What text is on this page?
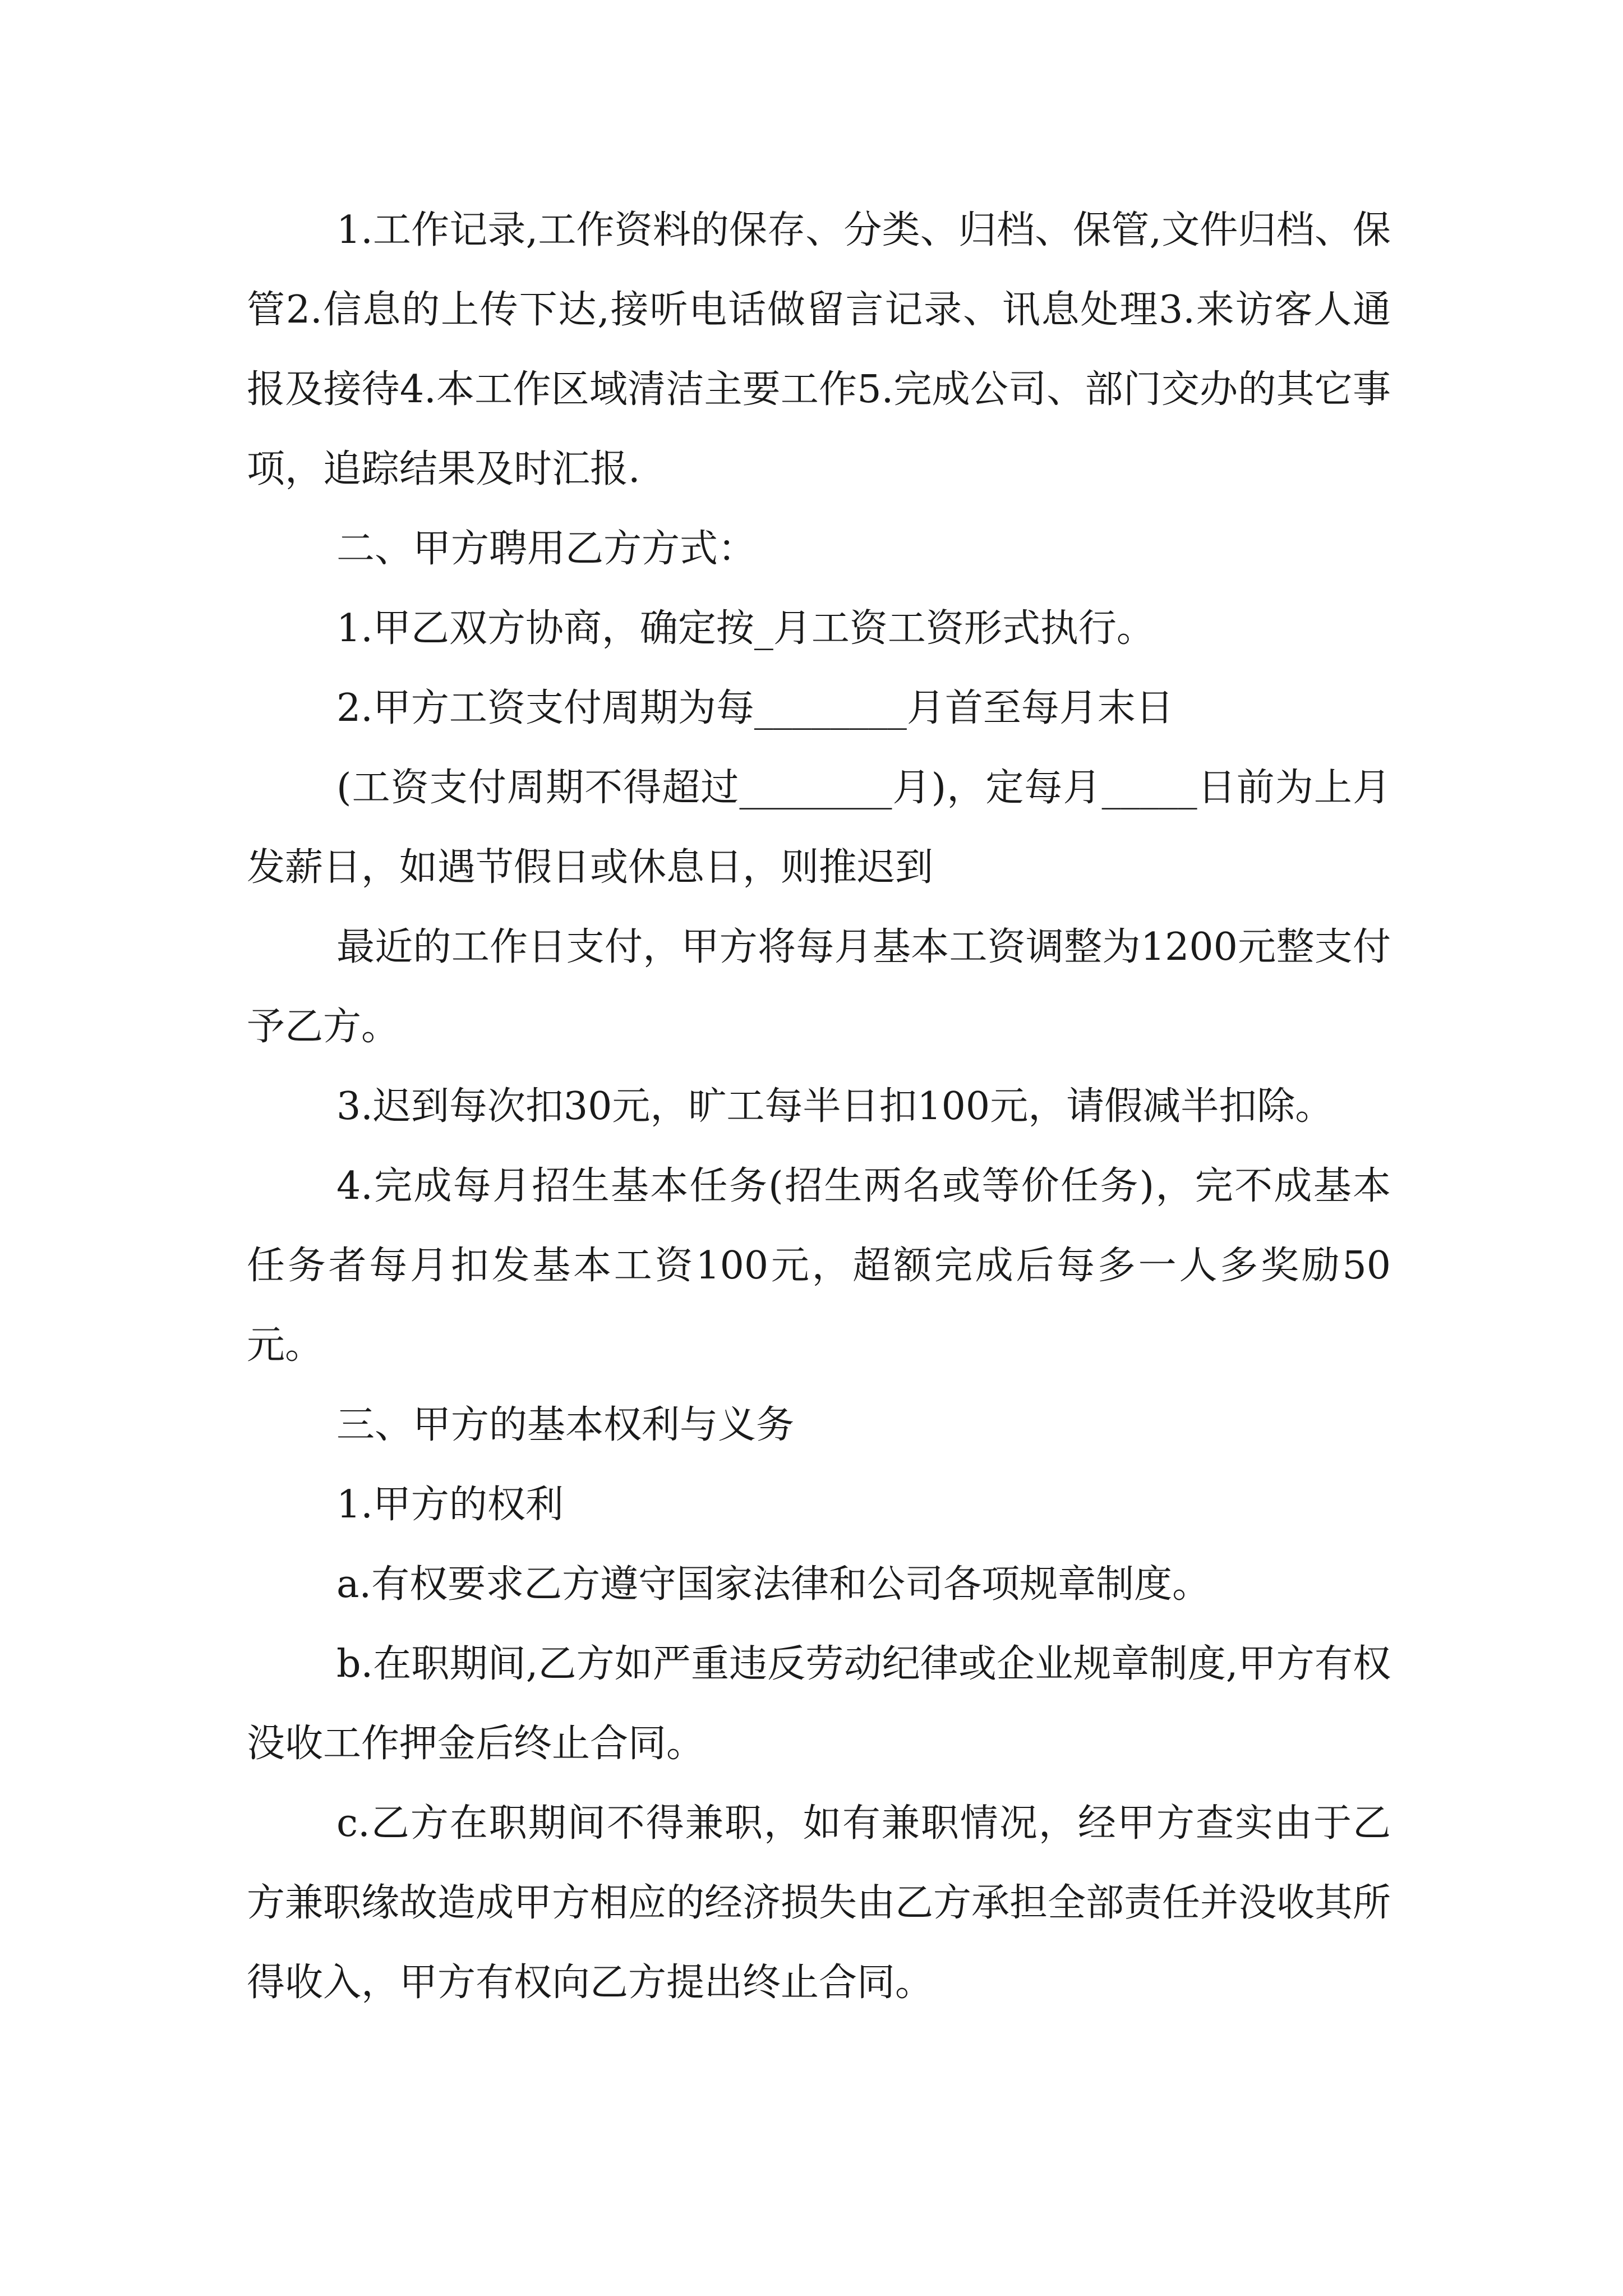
1.工作记录,工作资料的保存、分类、归档、保管,文件归档、保管2.信息的上传下达,接听电话做留言记录、讯息处理3.来访客人通报及接待4.本工作区域清洁主要工作5.完成公司、部门交办的其它事项，追踪结果及时汇报.

二、甲方聘用乙方方式：

1.甲乙双方协商，确定按_月工资工资形式执行。

2.甲方工资支付周期为每________月首至每月末日

(工资支付周期不得超过________月)，定每月_____日前为上月发薪日，如遇节假日或休息日，则推迟到

最近的工作日支付，甲方将每月基本工资调整为1200元整支付予乙方。

3.迟到每次扣30元，旷工每半日扣100元，请假减半扣除。

4.完成每月招生基本任务(招生两名或等价任务)，完不成基本任务者每月扣发基本工资100元，超额完成后每多一人多奖励50元。

三、甲方的基本权利与义务

1.甲方的权利

a.有权要求乙方遵守国家法律和公司各项规章制度。

b.在职期间,乙方如严重违反劳动纪律或企业规章制度,甲方有权没收工作押金后终止合同。

c.乙方在职期间不得兼职，如有兼职情况，经甲方查实由于乙方兼职缘故造成甲方相应的经济损失由乙方承担全部责任并没收其所得收入，甲方有权向乙方提出终止合同。
